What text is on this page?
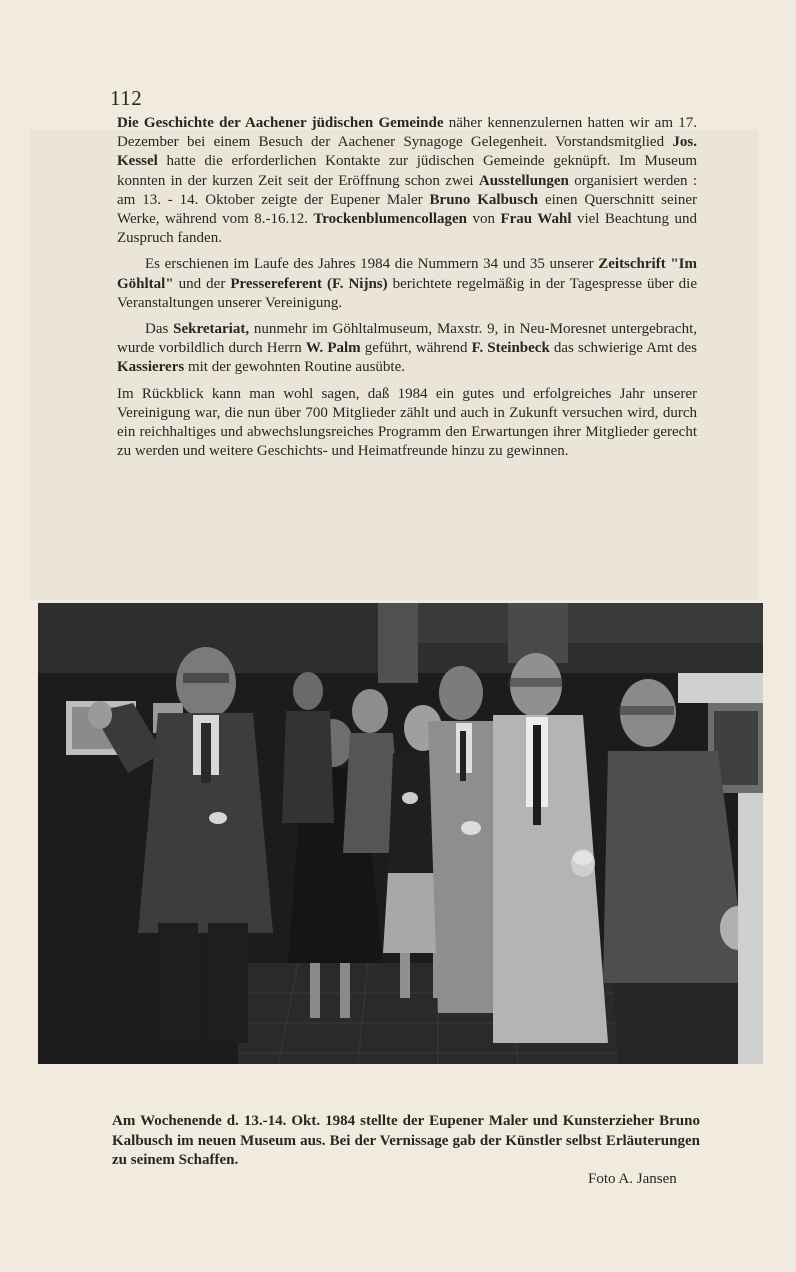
112

Die Geschichte der Aachener jüdischen Gemeinde näher kennenzulernen hatten wir am 17. Dezember bei einem Besuch der Aachener Synagoge Gelegenheit. Vorstandsmitglied Jos. Kessel hatte die erforderlichen Kontakte zur jüdischen Gemeinde geknüpft. Im Museum konnten in der kurzen Zeit seit der Eröffnung schon zwei Ausstellungen organisiert werden : am 13. - 14. Oktober zeigte der Eupener Maler Bruno Kalbusch einen Querschnitt seiner Werke, während vom 8.-16.12. Trockenblumencollagen von Frau Wahl viel Beachtung und Zuspruch fanden.

Es erschienen im Laufe des Jahres 1984 die Nummern 34 und 35 unserer Zeitschrift "Im Göhltal" und der Pressereferent (F. Nijns) berichtete regelmäßig in der Tagespresse über die Veranstaltungen unserer Vereinigung.

Das Sekretariat, nunmehr im Göhltalmuseum, Maxstr. 9, in Neu-Moresnet untergebracht, wurde vorbildlich durch Herrn W. Palm geführt, während F. Steinbeck das schwierige Amt des Kassierers mit der gewohnten Routine ausübte.

Im Rückblick kann man wohl sagen, daß 1984 ein gutes und erfolgreiches Jahr unserer Vereinigung war, die nun über 700 Mitglieder zählt und auch in Zukunft versuchen wird, durch ein reichhaltiges und abwechslungsreiches Programm den Erwartungen ihrer Mitglieder gerecht zu werden und weitere Geschichts- und Heimatfreunde hinzu zu gewinnen.

Am Wochenende d. 13.-14. Okt. 1984 stellte der Eupener Maler und Kunsterzieher Bruno Kalbusch im neuen Museum aus. Bei der Vernissage gab der Künstler selbst Erläuterungen zu seinem Schaffen.
Foto A. Jansen
